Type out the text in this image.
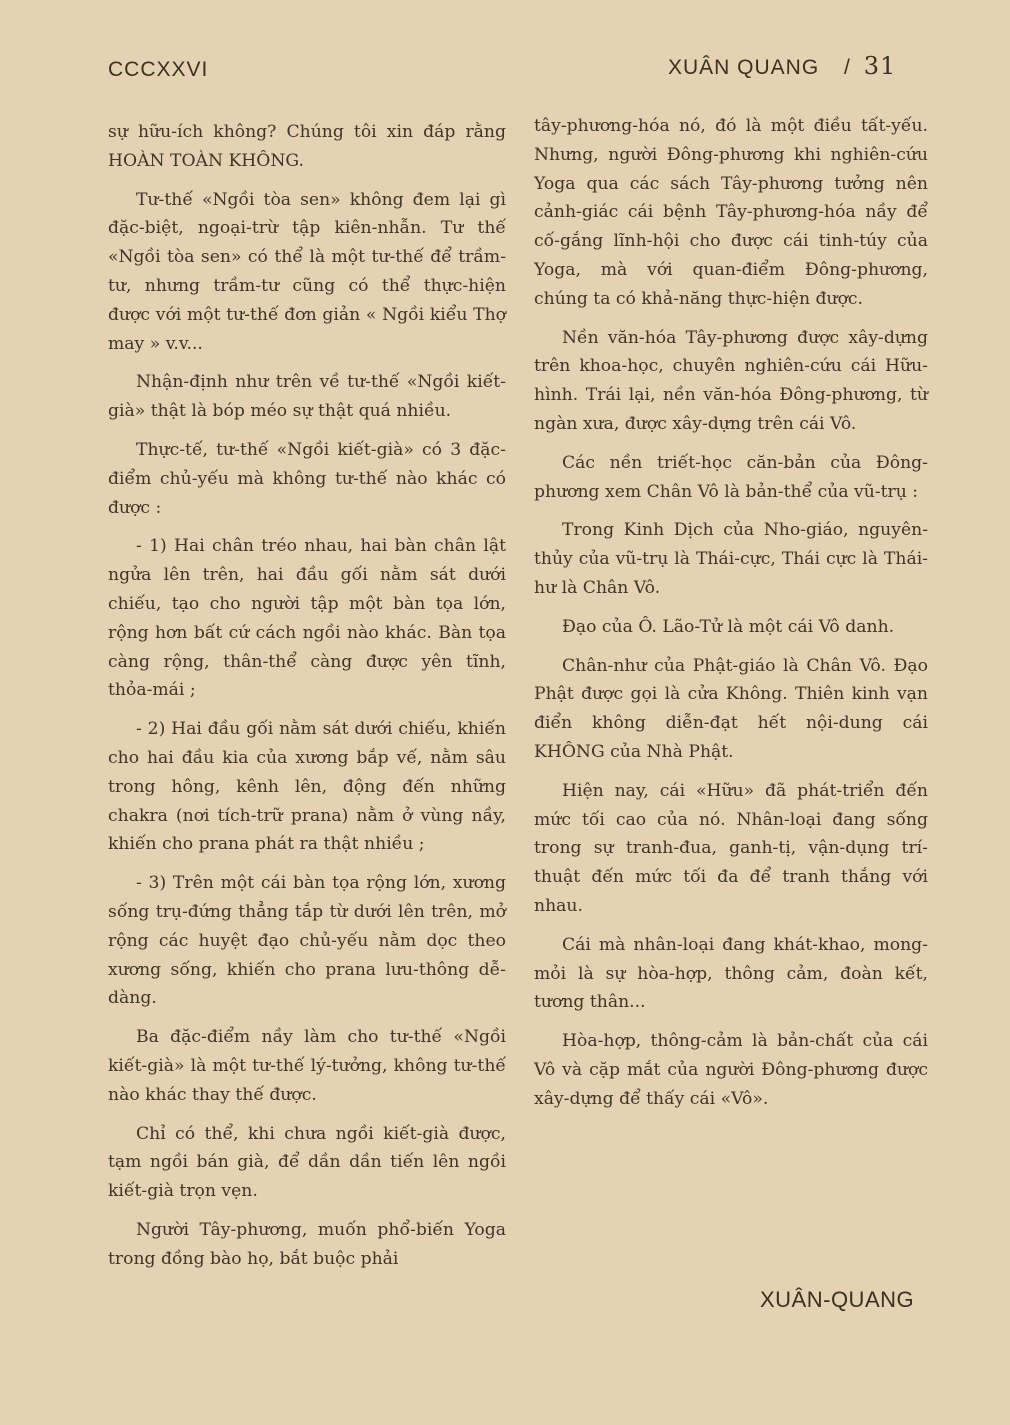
CCCXXVI	XUÂN QUANG / 31

sự hữu-ích không? Chúng tôi xin đáp rằng HOÀN TOÀN KHÔNG.

Tư-thế «Ngồi tòa sen» không đem lại gì đặc-biệt, ngoại-trừ tập kiên-nhẫn. Tư thế «Ngồi tòa sen» có thể là một tư-thế để trầm-tư, nhưng trầm-tư cũng có thể thực-hiện được với một tư-thế đơn giản « Ngồi kiểu Thợ may » v.v...

Nhận-định như trên về tư-thế «Ngồi kiết-già» thật là bóp méo sự thật quá nhiều.

Thực-tế, tư-thế «Ngồi kiết-già» có 3 đặc-điểm chủ-yếu mà không tư-thế nào khác có được :

- 1) Hai chân tréo nhau, hai bàn chân lật ngửa lên trên, hai đầu gối nằm sát dưới chiếu, tạo cho người tập một bàn tọa lớn, rộng hơn bất cứ cách ngồi nào khác. Bàn tọa càng rộng, thân-thể càng được yên tĩnh, thỏa-mái ;

- 2) Hai đầu gối nằm sát dưới chiếu, khiến cho hai đầu kia của xương bắp vế, nằm sâu trong hông, kênh lên, động đến những chakra (nơi tích-trữ prana) nằm ở vùng nầy, khiến cho prana phát ra thật nhiều ;

- 3) Trên một cái bàn tọa rộng lớn, xương sống trụ-đứng thẳng tắp từ dưới lên trên, mở rộng các huyệt đạo chủ-yếu nằm dọc theo xương sống, khiến cho prana lưu-thông dễ-dàng.

Ba đặc-điểm nầy làm cho tư-thế «Ngồi kiết-già» là một tư-thế lý-tưởng, không tư-thế nào khác thay thế được.

Chỉ có thể, khi chưa ngồi kiết-già được, tạm ngồi bán già, để dần dần tiến lên ngồi kiết-già trọn vẹn.

Người Tây-phương, muốn phổ-biến Yoga trong đồng bào họ, bắt buộc phải

tây-phương-hóa nó, đó là một điều tất-yếu. Nhưng, người Đông-phương khi nghiên-cứu Yoga qua các sách Tây-phương tưởng nên cảnh-giác cái bệnh Tây-phương-hóa nầy để cố-gắng lĩnh-hội cho được cái tinh-túy của Yoga, mà với quan-điểm Đông-phương, chúng ta có khả-năng thực-hiện được.

Nền văn-hóa Tây-phương được xây-dựng trên khoa-học, chuyên nghiên-cứu cái Hữu-hình. Trái lại, nền văn-hóa Đông-phương, từ ngàn xưa, được xây-dựng trên cái Vô.

Các nền triết-học căn-bản của Đông-phương xem Chân Vô là bản-thể của vũ-trụ :

Trong Kinh Dịch của Nho-giáo, nguyên-thủy của vũ-trụ là Thái-cực, Thái cực là Thái-hư là Chân Vô.

Đạo của Ô. Lão-Tử là một cái Vô danh.

Chân-như của Phật-giáo là Chân Vô. Đạo Phật được gọi là cửa Không. Thiên kinh vạn điển không diễn-đạt hết nội-dung cái KHÔNG của Nhà Phật.

Hiện nay, cái «Hữu» đã phát-triển đến mức tối cao của nó. Nhân-loại đang sống trong sự tranh-đua, ganh-tị, vận-dụng trí-thuật đến mức tối đa để tranh thắng với nhau.

Cái mà nhân-loại đang khát-khao, mong-mỏi là sự hòa-hợp, thông cảm, đoàn kết, tương thân...

Hòa-hợp, thông-cảm là bản-chất của cái Vô và cặp mắt của người Đông-phương được xây-dựng để thấy cái «Vô».

XUÂN-QUANG
